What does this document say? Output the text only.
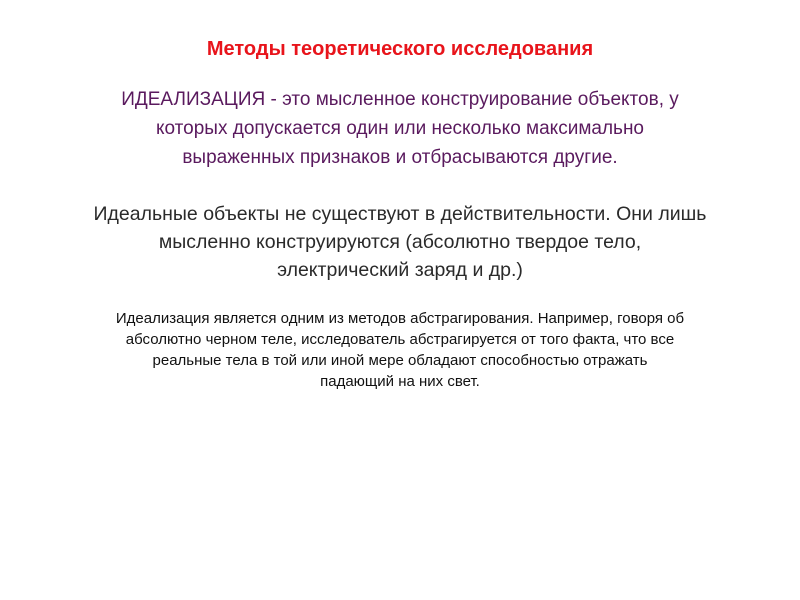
Методы теоретического исследования

ИДЕАЛИЗАЦИЯ - это мысленное конструирование объектов, у
которых допускается один или несколько максимально
выраженных признаков и отбрасываются другие.

Идеальные объекты не существуют в действительности. Они лишь
мысленно конструируются (абсолютно твердое тело,
электрический заряд и др.)

Идеализация является одним из методов абстрагирования. Например, говоря об
абсолютно черном теле, исследователь абстрагируется от того факта, что все
реальные тела в той или иной мере обладают способностью отражать
падающий на них свет.
